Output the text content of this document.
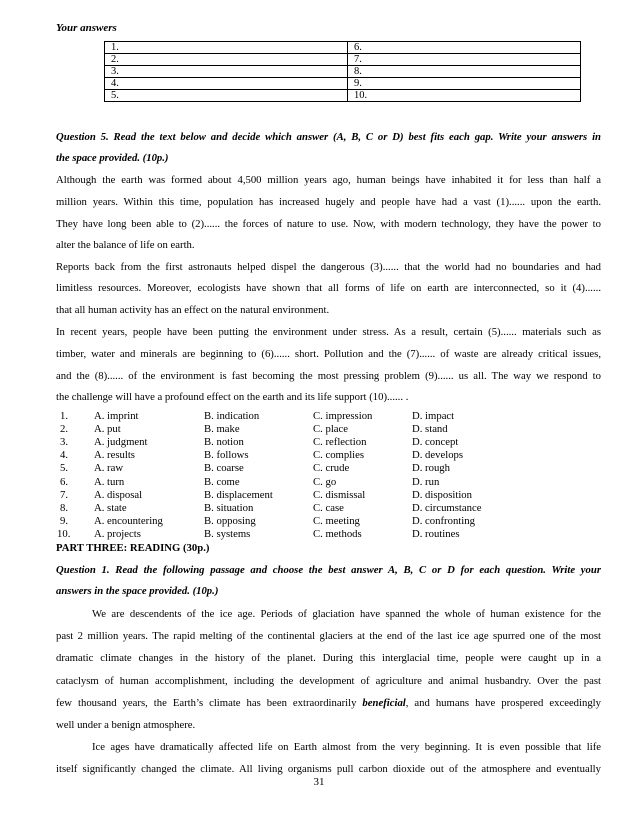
Your answers
1.	6.
2.	7.
3.	8.
4.	9.
5.	10.
Question 5. Read the text below and decide which answer (A, B, C or D) best fits each gap. Write your answers in
the space provided. (10p.)
Although the earth was formed about 4,500 million years ago, human beings have inhabited it for less than half a
million years. Within this time, population has increased hugely and people have had a vast (1)...... upon the earth.
They have long been able to (2)...... the forces of nature to use. Now, with modern technology, they have the power to
alter the balance of life on earth.
Reports back from the first astronauts helped dispel the dangerous (3)...... that the world had no boundaries and had
limitless resources. Moreover, ecologists have shown that all forms of life on earth are interconnected, so it (4)......
that all human activity has an effect on the natural environment.
In recent years, people have been putting the environment under stress. As a result, certain (5)...... materials such as
timber, water and minerals are beginning to (6)...... short. Pollution and the (7)...... of waste are already critical issues,
and the (8)...... of the environment is fast becoming the most pressing problem (9)...... us all. The way we respond to
the challenge will have a profound effect on the earth and its life support (10)...... .
1. A. imprint	B. indication	C. impression	D. impact
2. A. put	B. make	C. place	D. stand
3. A. judgment	B. notion	C. reflection	D. concept
4. A. results	B. follows	C. complies	D. develops
5. A. raw	B. coarse	C. crude	D. rough
6. A. turn	B. come	C. go	D. run
7. A. disposal	B. displacement	C. dismissal	D. disposition
8. A. state	B. situation	C. case	D. circumstance
9. A. encountering	B. opposing	C. meeting	D. confronting
10. A. projects	B. systems	C. methods	D. routines
PART THREE: READING (30p.)
Question 1. Read the following passage and choose the best answer A, B, C or D for each question. Write your
answers in the space provided. (10p.)
We are descendents of the ice age. Periods of glaciation have spanned the whole of human existence for the
past 2 million years. The rapid melting of the continental glaciers at the end of the last ice age spurred one of the most
dramatic climate changes in the history of the planet. During this interglacial time, people were caught up in a
cataclysm of human accomplishment, including the development of agriculture and animal husbandry. Over the past
few thousand years, the Earth’s climate has been extraordinarily beneficial, and humans have prospered exceedingly
well under a benign atmosphere.
Ice ages have dramatically affected life on Earth almost from the very beginning. It is even possible that life
itself significantly changed the climate. All living organisms pull carbon dioxide out of the atmosphere and eventually
31
